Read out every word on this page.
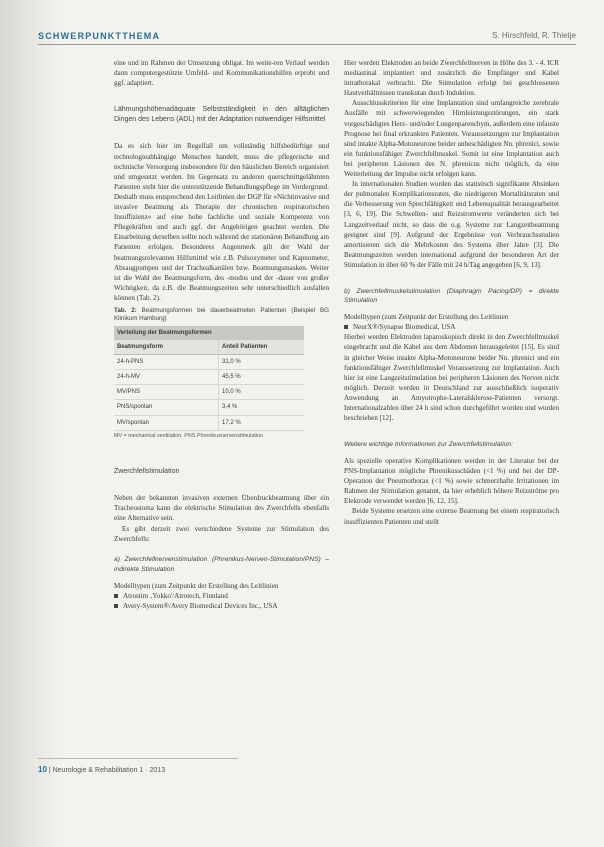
SCHWERPUNKTTHEMA	S. Hirschfeld, R. Thietje

eine und im Rahmen der Umsetzung obligat. Im weite-ren Verlauf werden dann computergestützte Umfeld- und Kommunikationshilfen erprobt und ggf. adaptiert.

Lähmungshöhenadäquate Selbstständigkeit in den alltäglichen Dingen des Lebens (ADL) mit der Adaptation notwendiger Hilfsmittel

Da es sich hier im Regelfall um vollständig hilfsbedürftige und technologieabhängige Menschen handelt, muss die pflegerische und technische Versorgung insbesondere für den häuslichen Bereich organisiert und umgesetzt werden. Im Gegensatz zu anderen querschnittgelähmten Patienten steht hier die unterstützende Behandlungspflege im Vordergrund. Deshalb muss entsprechend den Leitlinien der DGP für »Nichtinvasive und invasive Beatmung als Therapie der chronischen respiratorischen Insuffizienz« auf eine hohe fachliche und soziale Kompetenz von Pflegekräften und auch ggf. der Angehörigen geachtet werden. Die Einarbeitung derselben sollte noch während der stationären Behandlung am Patienten erfolgen. Besonderes Augenmerk gilt der Wahl der beatmungsrelevanten Hilfsmittel wie z.B. Pulsoxymeter und Kapnometer, Absaugpumpen und der Trachealkanülen bzw. Beatmungsmasken. Weiter ist die Wahl der Beatmungsform, des -modus und der -dauer von großer Wichtigkeit, da z.B. die Beatmungszeiten sehr unterschiedlich ausfallen können (Tab. 2).

Tab. 2: Beatmungsformen bei dauerbeatmeten Patienten (Beispiel BG Klinikum Hamburg)
Verteilung der Beatmungsformen	
Beatmungsform	Anteil Patienten
24-h-PNS	31,0 %
24-h-MV	45,5 %
MV/PNS	10,0 %
PNS/spontan	3,4 %
MV/spontan	17,2 %
MV = mechanical ventilation, PNS Phrenikusnervenstimulation

Zwerchfellstimulation

Neben der bekannten invasiven externen Überdruckbeatmung über ein Tracheostoma kann die elektrische Stimulation des Zwerchfells ebenfalls eine Alternative sein.

Es gibt derzeit zwei verschiedene Systeme zur Stimulation des Zwerchfells:

a) Zwerchfellnervenstimulation (Phrenikus-Nerven-Stimulation/PNS) – indirekte Stimulation

Modelltypen (zum Zeitpunkt der Erstellung des Leitlinien

Atrostim ‚Yokko'/Atrotech, Finnland
Avery-System®/Avery Biomedical Devices Inc., USA

Hier werden Elektroden an beide Zwerchfellnerven in Höhe des 3. - 4. ICR mediastinal implantiert und zusätzlich die Empfänger und Kabel intrathorakal verbracht. Die Stimulation erfolgt bei geschlossenen Hautverhältnissen transkutan durch Induktion.

Ausschlusskriterien für eine Implantation sind umfangreiche zerebrale Ausfälle mit schwerwiegenden Hirnleistungsstörungen, ein stark vorgeschädigtes Herz- und/oder Lungenparenchym, außerdem eine infauste Prognose bei final erkrankten Patienten. Voraussetzungen zur Implantation sind intakte Alpha-Motoneurone beider unbeschädigten Nn. phrenici, sowie ein funktionsfähiger Zwerchfellmuskel. Somit ist eine Implantation auch bei peripheren Läsionen des N. phrenicus nicht möglich, da eine Weiterleitung der Impulse nicht erfolgen kann.

In internationalen Studien wurden das statistisch signifikante Absinken der pulmonalen Komplikationsraten, die niedrigeren Mortalitätsraten und die Verbesserung von Sprechfähigkeit und Lebensqualität herausgearbeitet [3, 6, 19]. Die Schwellen- und Reizstromwerte veränderten sich bei Langzeitverlauf nicht, so dass die o.g. Systeme zur Langzeitbeatmung geeignet sind [9]. Aufgrund der Ergebnisse von Verbrauchsstudien amortisieren sich die Mehrkosten des Systems über Jahre [3]. Die Beatmungszeiten werden international aufgrund der besonderen Art der Stimulation in über 60 % der Fälle mit 24 h/Tag angegeben [6, 9, 13].

b) Zwerchfellmuskelstimulation (Diaphragm Pacing/DP) = direkte Stimulation

Modelltypen (zum Zeitpunkt der Erstellung des Leitlinien

NeurX®/Synapse Biomedical, USA

Hierbei werden Elektroden laparoskopisch direkt in den Zwerchfellmuskel eingebracht und die Kabel aus dem Abdomen herausgeleitet [15]. Es sind in gleicher Weise intakte Alpha-Motoneurone beider Nn. phrenici und ein funktionsfähiger Zwerchfellmuskel Voraussetzung zur Implantation. Auch hier ist eine Langzeitstimulation bei peripheren Läsionen des Nerven nicht möglich. Derzeit werden in Deutschland zur ausschließlich isoperativ Anwendung an Amyotrophe-Lateralsklerose-Patienten versorgt. Internationalzahlen über 24 h sind schon durchgeführt worden und wurden beschrieben [12].

Weitere wichtige Informationen zur Zwerchfellstimulation:

Als spezielle operative Komplikationen werden in der Literatur bei der PNS-Implantation mögliche Phrenikusschäden (<1 %) und bei der DP-Operation der Pneumothorax (<1 %) sowie schmerzhafte Irritationen im Rahmen der Stimulation genannt, da hier erheblich höhere Reizströme pro Elektrode verwendet werden [6, 12, 15].

Beide Systeme ersetzen eine externe Beatmung bei einem respiratorisch insuffizienten Patienten und stellt

10 | Neurologie & Rehabilitation 1 · 2013
